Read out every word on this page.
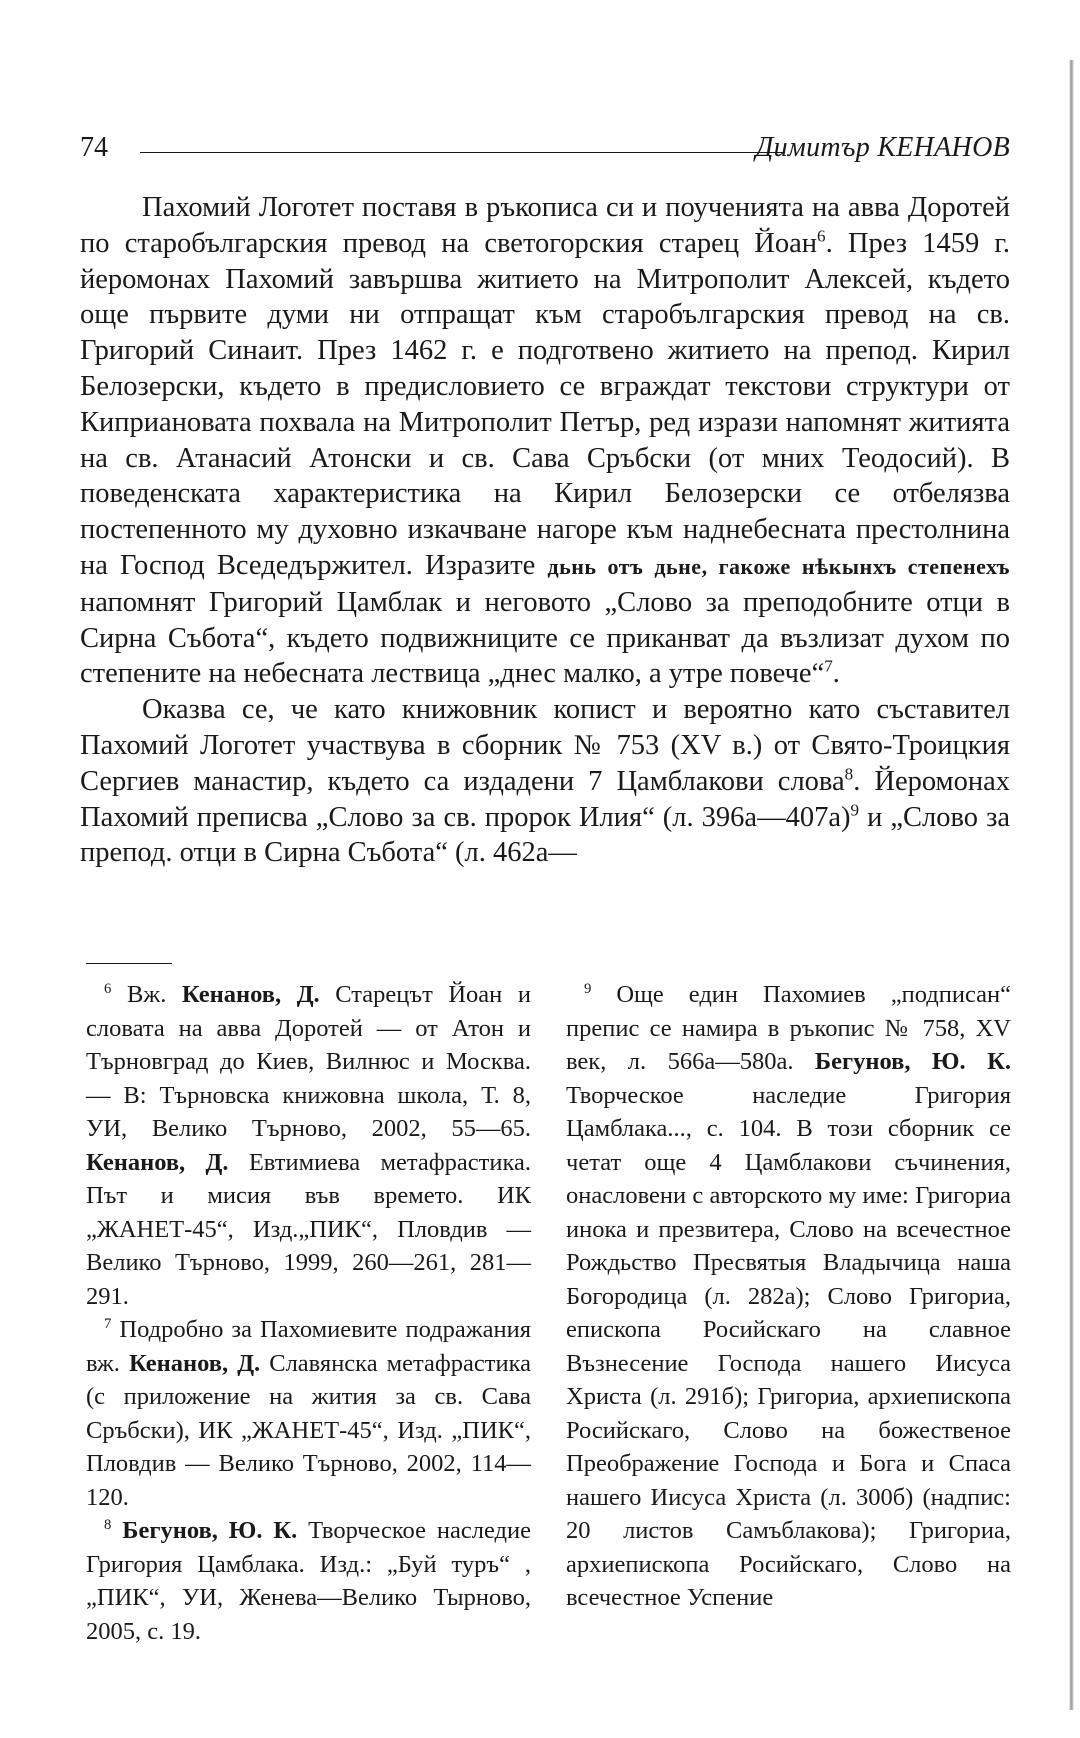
74	Димитър КЕНАНОВ

Пахомий Логотет поставя в ръкописа си и поученията на авва Доротей по старобългарския превод на светогорския старец Йоан$^6$. През 1459 г. йеромонах Пахомий завършва житието на Митрополит Алексей, където още първите думи ни отпращат към старобългарския превод на св. Григорий Синаит. През 1462 г. е подготвено житието на препод. Кирил Белозерски, където в предисловието се вграждат текстови структури от Киприановата похвала на Митрополит Петър, ред изрази напомнят житията на св. Атанасий Атонски и св. Сава Сръбски (от мних Теодосий). В поведенската характеристика на Кирил Белозерски се отбелязва постепенното му духовно изкачване нагоре към наднебесната престолнина на Господ Вседедържител. Изразите дьнь отъ дьне, гакоже нѣкынхъ степенехъ напомнят Григорий Цамблак и неговото „Слово за преподобните отци в Сирна Събота“, където подвижниците се приканват да възлизат духом по степените на небесната лествица „днес малко, а утре повече“$^7$.

Оказва се, че като книжовник копист и вероятно като съставител Пахомий Логотет участвува в сборник № 753 (XV в.) от Свято-Троицкия Сергиев манастир, където са издадени 7 Цамблакови слова$^8$. Йеромонах Пахомий преписва „Слово за св. пророк Илия“ (л. 396а—407а)$^9$ и „Слово за препод. отци в Сирна Събота“ (л. 462а—

$^6$ Вж. Кенанов, Д. Старецът Йоан и словата на авва Доротей — от Атон и Търновград до Киев, Вилнюс и Москва. — В: Търновска книжовна школа, Т. 8, УИ, Велико Търново, 2002, 55—65. Кенанов, Д. Евтимиева метафрастика. Път и мисия във времето. ИК „ЖАНЕТ-45“, Изд.„ПИК“, Пловдив — Велико Търново, 1999, 260—261, 281—291.

$^7$ Подробно за Пахомиевите подражания вж. Кенанов, Д. Славянска метафрастика (с приложение на жития за св. Сава Сръбски), ИК „ЖАНЕТ-45“, Изд. „ПИК“, Пловдив — Велико Търново, 2002, 114—120.

$^8$ Бегунов, Ю. К. Творческое наследие Григория Цамблака. Изд.: „Буй туръ“ , „ПИК“, УИ, Женева—Велико Тырново, 2005, с. 19.

$^9$ Още един Пахомиев „подписан“ препис се намира в ръкопис № 758, XV век, л. 566а—580а. Бегунов, Ю. К. Творческое наследие Григория Цамблака..., с. 104. В този сборник се четат още 4 Цамблакови съчинения, онасловени с авторското му име: Григориа инока и презвитера, Слово на всечестное Рождьство Пресвятыя Владычица наша Богородица (л. 282а); Слово Григориа, епископа Росийскаго на славное Възнесение Господа нашего Иисуса Христа (л. 291б); Григориа, архиепископа Росийскаго, Слово на божественое Преображение Господа и Бога и Спаса нашего Иисуса Христа (л. 300б) (надпис: 20 листов Самъблакова); Григориа, архиепископа Росийскаго, Слово на всечестное Успение
